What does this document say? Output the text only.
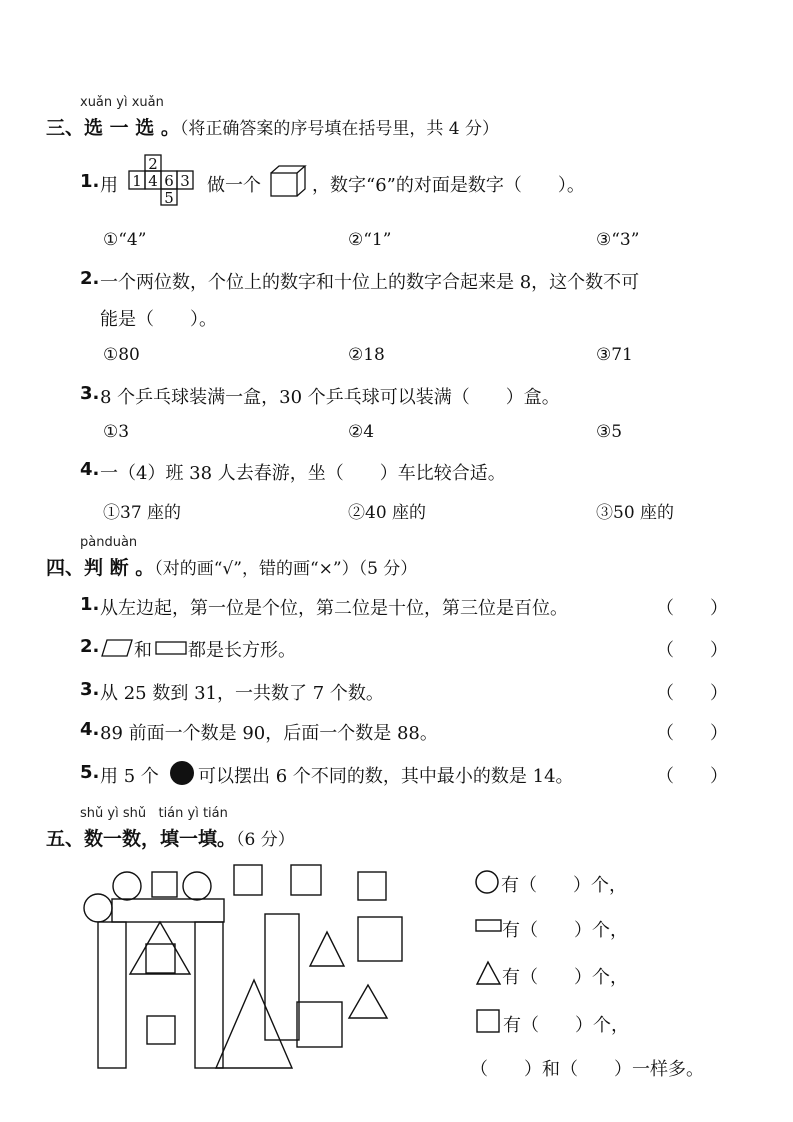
xuǎn yì xuǎn
三、选 一 选 。（将正确答案的序号填在括号里，共 4 分）
1. 用
2
1 4 6 3
5
做一个	，数字“6”的对面是数字（　　）。
①“4”	②“1”	③“3”
2. 一个两位数，个位上的数字和十位上的数字合起来是 8，这个数不可
能是（　　）。
①80	②18	③71
3. 8 个乒乓球装满一盒，30 个乒乓球可以装满（　　）盒。
①3	②4	③5
4. 一（4）班 38 人去春游，坐（　　）车比较合适。
①37 座的	②40 座的	③50 座的
pànduàn
四、判 断 。（对的画“√”，错的画“×”）（5 分）
1. 从左边起，第一位是个位，第二位是十位，第三位是百位。	（　　）
2. 和 都是长方形。	（　　）
3. 从 25 数到 31，一共数了 7 个数。	（　　）
4. 89 前面一个数是 90，后面一个数是 88。	（　　）
5. 用 5 个 可以摆出 6 个不同的数，其中最小的数是 14。	（　　）
shǔ yì shǔ   tián yì tián
五、数一数，填一填。（6 分）
有（　　）个，
有（　　）个，
有（　　）个，
有（　　）个，
（　　）和（　　）一样多。
